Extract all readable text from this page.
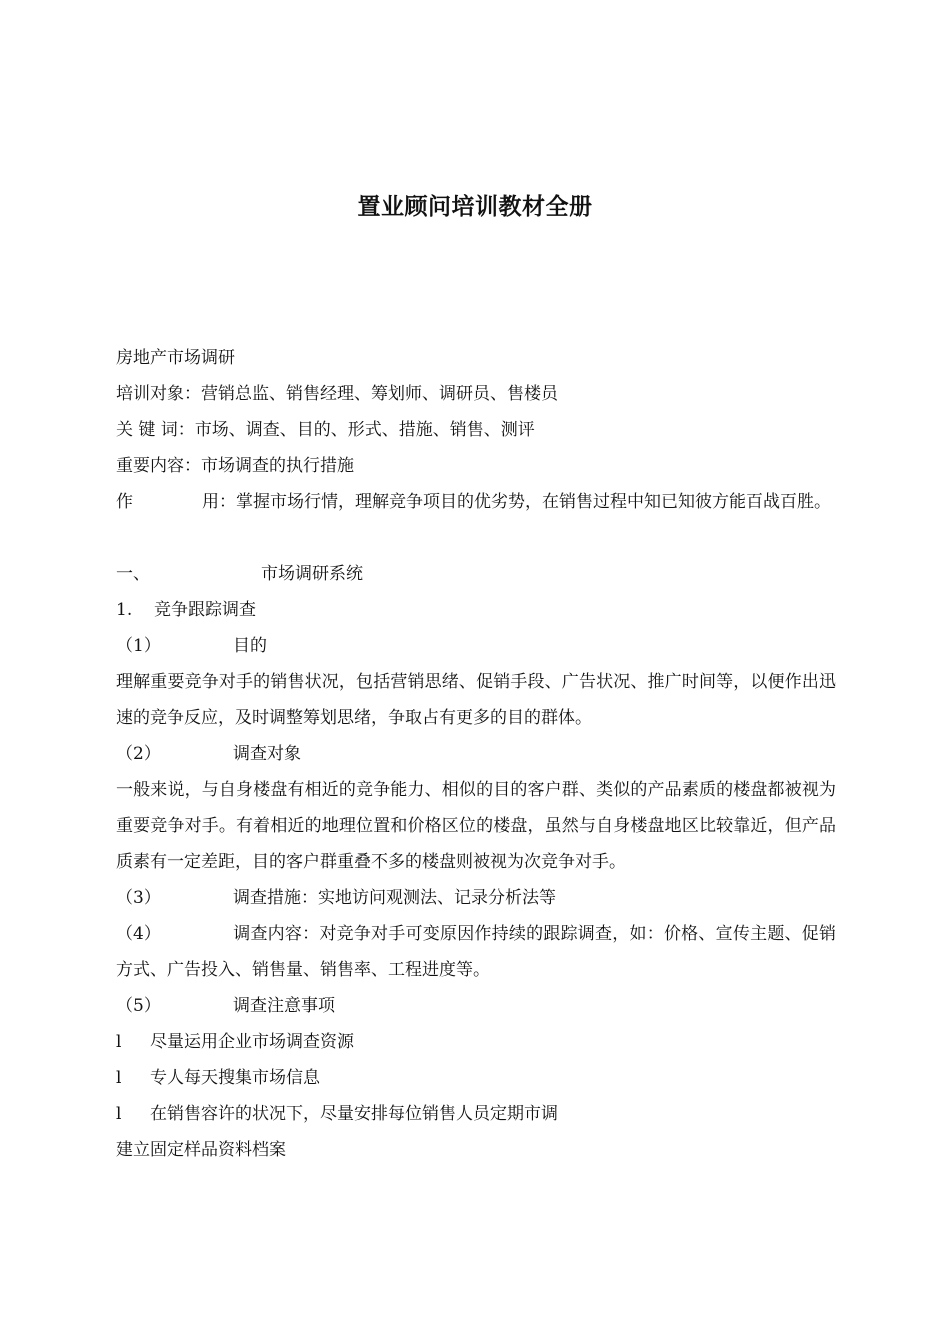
置业顾问培训教材全册
房地产市场调研
培训对象：营销总监、销售经理、筹划师、调研员、售楼员
关 键 词：市场、调查、目的、形式、措施、销售、测评
重要内容：市场调查的执行措施
作	用：掌握市场行情，理解竞争项目的优劣势，在销售过程中知已知彼方能百战百胜。
一、	市场调研系统
1. 竞争跟踪调查
（1）	目的
理解重要竞争对手的销售状况，包括营销思绪、促销手段、广告状况、推广时间等，以便作出迅速的竞争反应，及时调整筹划思绪，争取占有更多的目的群体。
（2）	调查对象
一般来说，与自身楼盘有相近的竞争能力、相似的目的客户群、类似的产品素质的楼盘都被视为重要竞争对手。有着相近的地理位置和价格区位的楼盘，虽然与自身楼盘地区比较靠近，但产品质素有一定差距，目的客户群重叠不多的楼盘则被视为次竞争对手。
（3）	调查措施：实地访问观测法、记录分析法等
（4）	调查内容：对竞争对手可变原因作持续的跟踪调查，如：价格、宣传主题、促销方式、广告投入、销售量、销售率、工程进度等。
（5）	调查注意事项
l 尽量运用企业市场调查资源
l 专人每天搜集市场信息
l 在销售容许的状况下，尽量安排每位销售人员定期市调
建立固定样品资料档案
